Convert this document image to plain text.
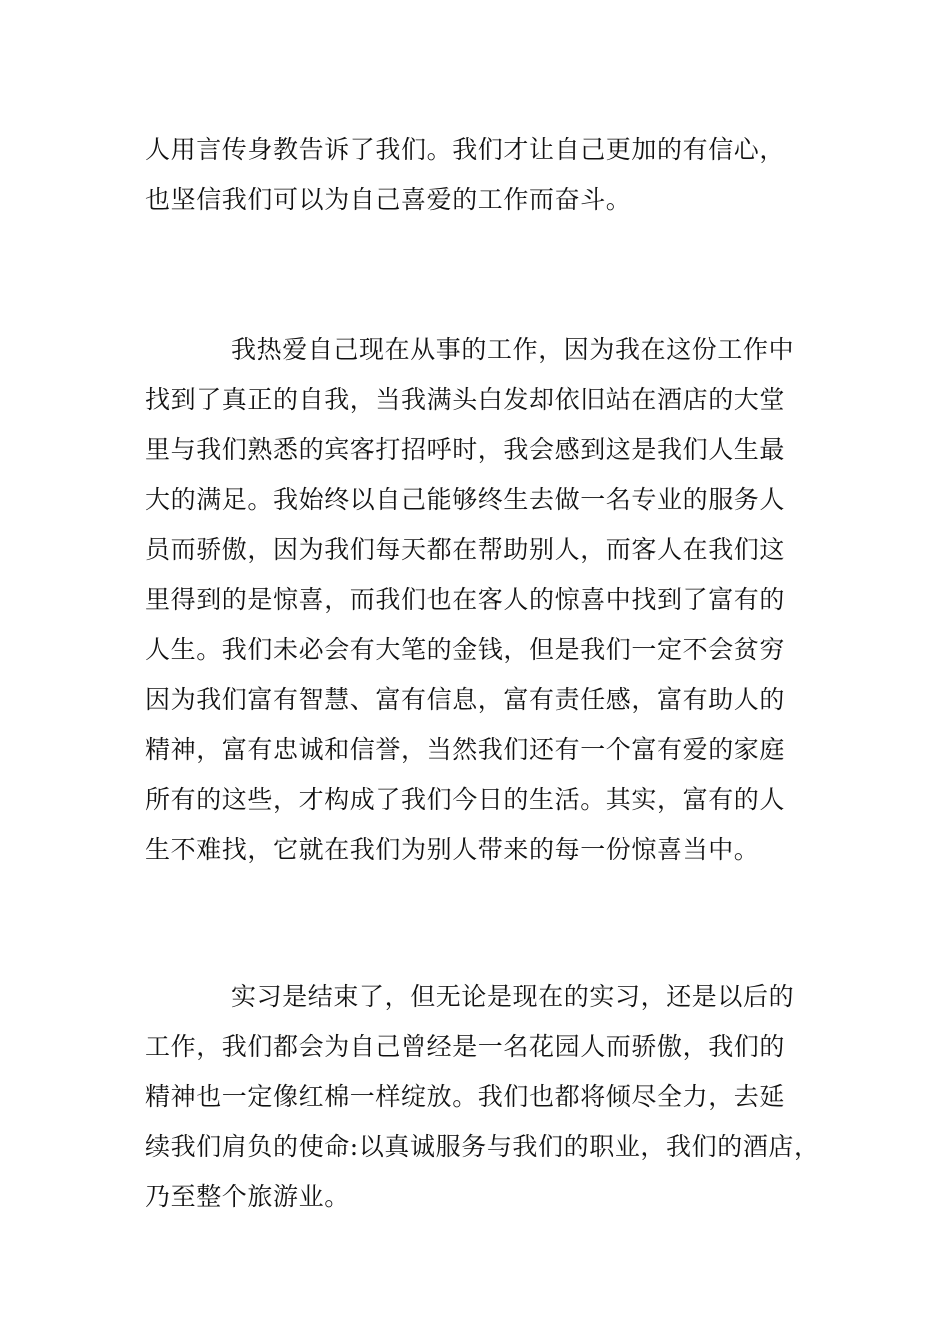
人用言传身教告诉了我们。我们才让自己更加的有信心，
也坚信我们可以为自己喜爱的工作而奋斗。
我热爱自己现在从事的工作，因为我在这份工作中
找到了真正的自我，当我满头白发却依旧站在酒店的大堂
里与我们熟悉的宾客打招呼时，我会感到这是我们人生最
大的满足。我始终以自己能够终生去做一名专业的服务人
员而骄傲，因为我们每天都在帮助别人，而客人在我们这
里得到的是惊喜，而我们也在客人的惊喜中找到了富有的
人生。我们未必会有大笔的金钱，但是我们一定不会贫穷
因为我们富有智慧、富有信息，富有责任感，富有助人的
精神，富有忠诚和信誉，当然我们还有一个富有爱的家庭
所有的这些，才构成了我们今日的生活。其实，富有的人
生不难找，它就在我们为别人带来的每一份惊喜当中。
实习是结束了，但无论是现在的实习，还是以后的
工作，我们都会为自己曾经是一名花园人而骄傲，我们的
精神也一定像红棉一样绽放。我们也都将倾尽全力，去延
续我们肩负的使命:以真诚服务与我们的职业，我们的酒店，
乃至整个旅游业。
